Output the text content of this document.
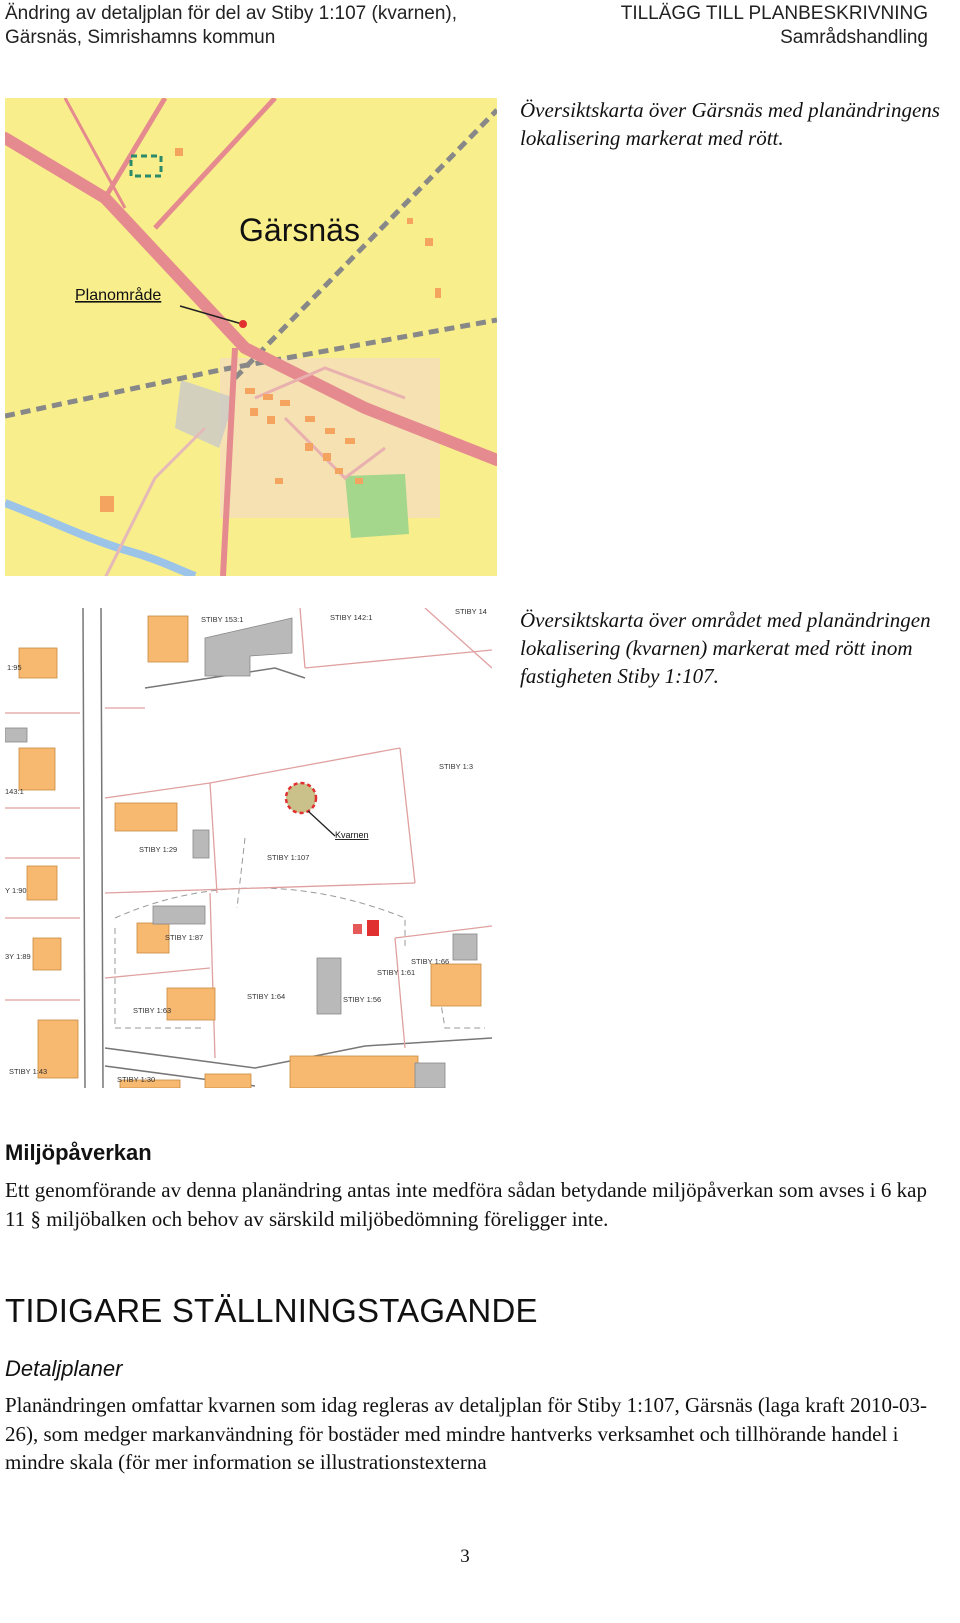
Ändring av detaljplan för del av Stiby 1:107 (kvarnen),
Gärsnäs, Simrishamns kommun
TILLÄGG TILL PLANBESKRIVNING
Samrådshandling
Gärsnäs
Planområde
Översiktskarta över Gärsnäs med planändringens lokalisering markerat med rött.
STIBY 153:1	STIBY 142:1
STIBY 14
1:95
143:1
STIBY 1:3
STIBY 1:29
STIBY 1:107
Y 1:90
STIBY 1:87
3Y 1:89
STIBY 1:64
STIBY 1:61
STIBY 1:66
STIBY 1:56
STIBY 1:63
STIBY 1:43
STIBY 1:30
Kvarnen
Översiktskarta över området med planändringen lokalisering (kvarnen) markerat med rött inom fastigheten Stiby 1:107.
Miljöpåverkan
Ett genomförande av denna planändring antas inte medföra sådan betydande miljöpåverkan som avses i 6 kap 11 § miljöbalken och behov av särskild miljöbedömning föreligger inte.
TIDIGARE STÄLLNINGSTAGANDE
Detaljplaner
Planändringen omfattar kvarnen som idag regleras av detaljplan för Stiby 1:107, Gärsnäs (laga kraft 2010-03-26), som medger markanvändning för bostäder med mindre hantverks verksamhet och tillhörande handel i mindre skala (för mer information se illustrationstexterna
3
